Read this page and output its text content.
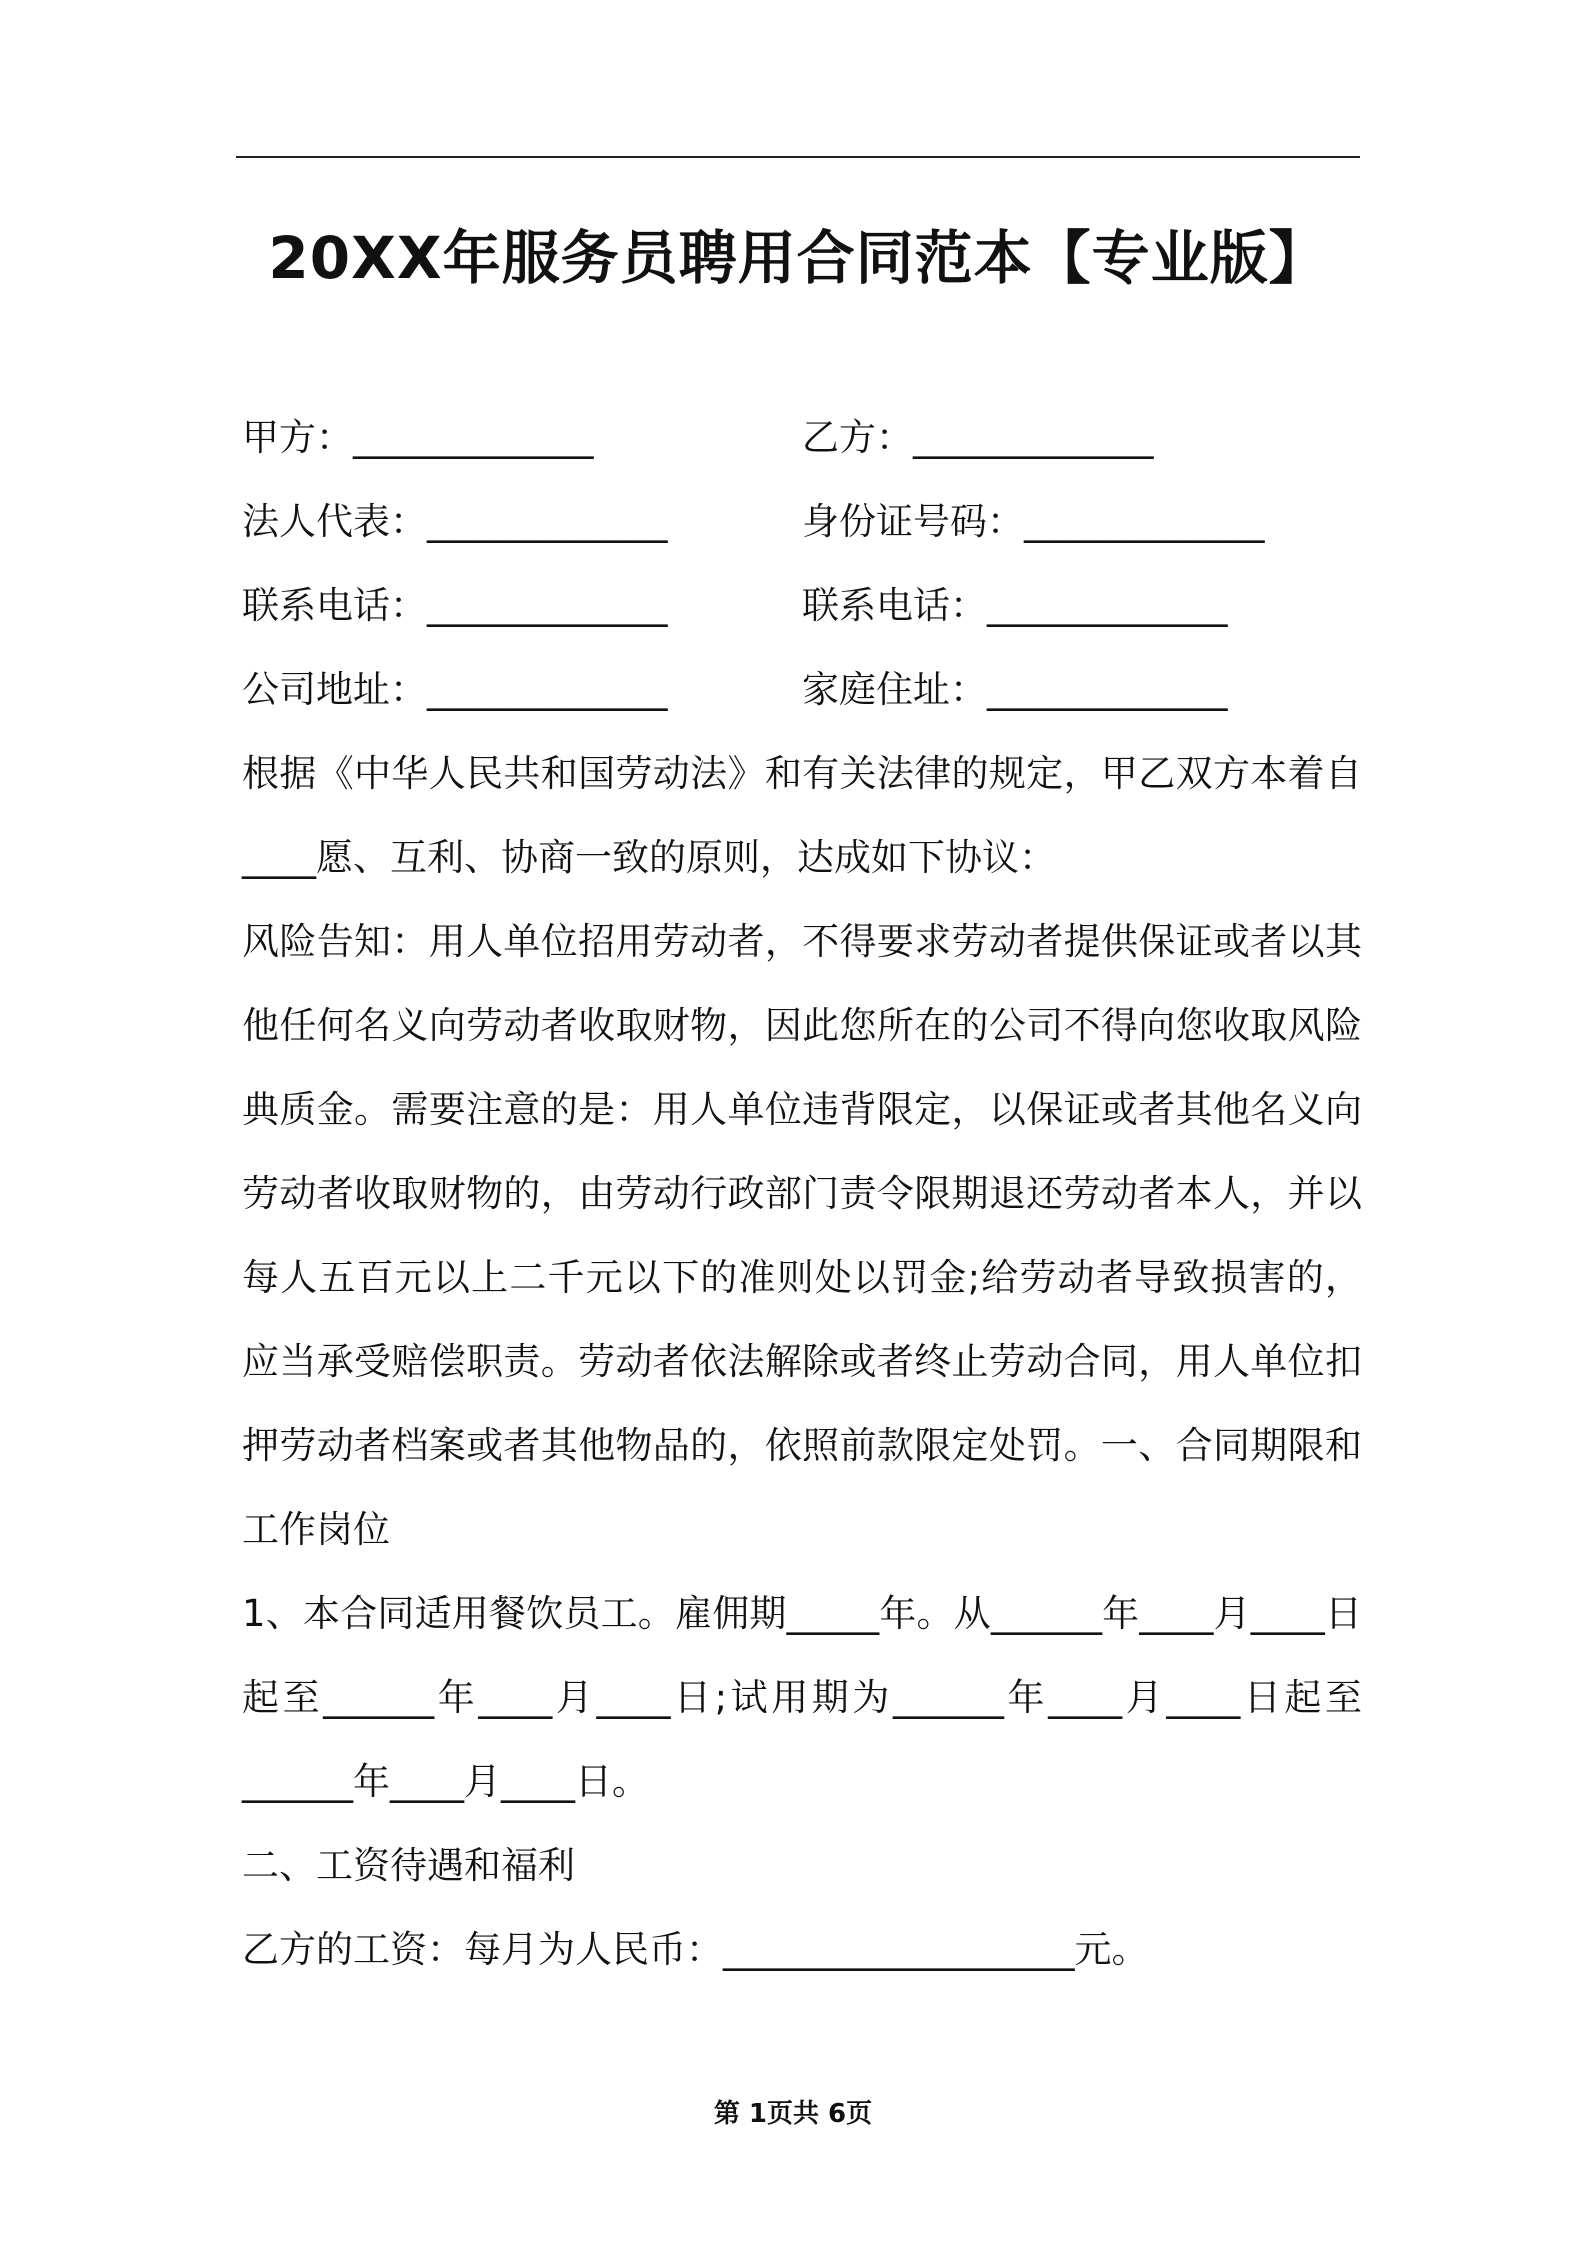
20XX年服务员聘用合同范本【专业版】
甲方：_____________	乙方：_____________
法人代表：_____________	身份证号码：_____________
联系电话：_____________	联系电话：_____________
公司地址：_____________	家庭住址：_____________

根据《中华人民共和国劳动法》和有关法律的规定，甲乙双方本着自____愿、互利、协商一致的原则，达成如下协议：

风险告知：用人单位招用劳动者，不得要求劳动者提供保证或者以其他任何名义向劳动者收取财物，因此您所在的公司不得向您收取风险典质金。需要注意的是：用人单位违背限定，以保证或者其他名义向劳动者收取财物的，由劳动行政部门责令限期退还劳动者本人，并以每人五百元以上二千元以下的准则处以罚金;给劳动者导致损害的，应当承受赔偿职责。劳动者依法解除或者终止劳动合同，用人单位扣押劳动者档案或者其他物品的，依照前款限定处罚。一、合同期限和工作岗位

1、本合同适用餐饮员工。雇佣期_____年。从______年____月____日起至______年____月____日;试用期为______年____月____日起至______年____月____日。

二、工资待遇和福利
乙方的工资：每月为人民币：___________________元。
第 1页共 6页
